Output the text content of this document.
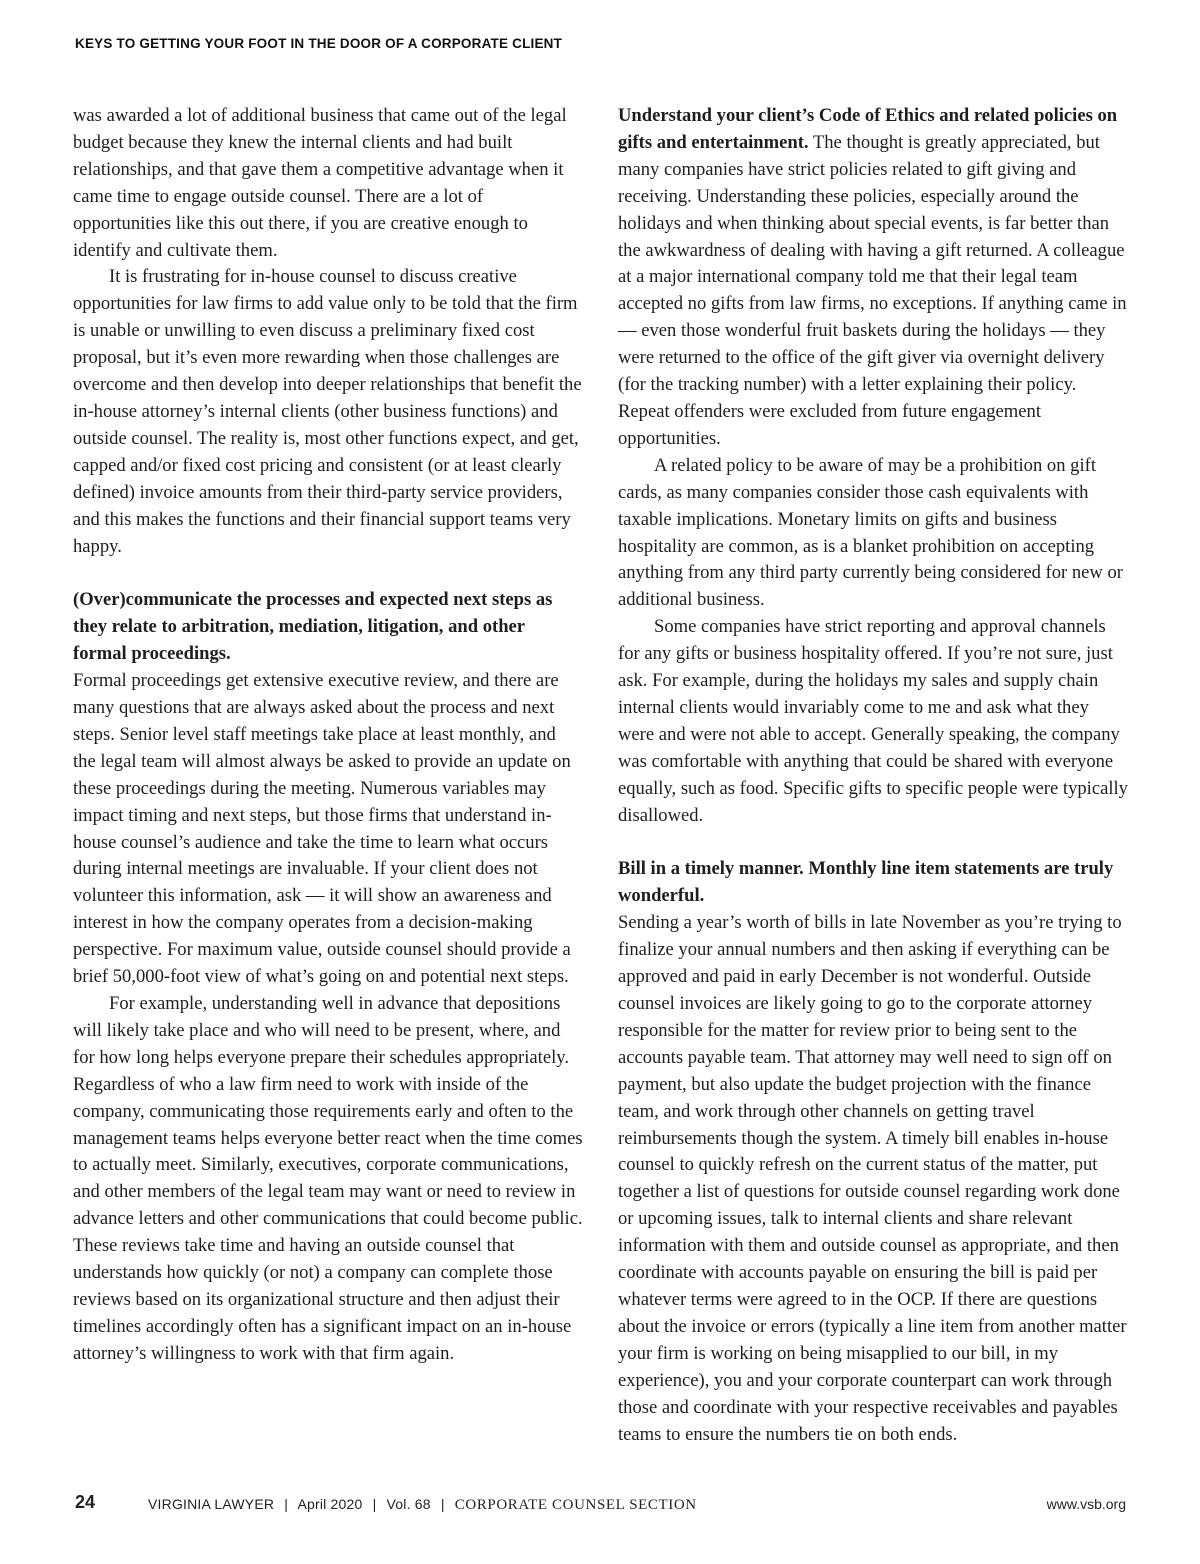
KEYS TO GETTING YOUR FOOT IN THE DOOR OF A CORPORATE CLIENT

was awarded a lot of additional business that came out of the legal budget because they knew the internal clients and had built relationships, and that gave them a competitive advantage when it came time to engage outside counsel. There are a lot of opportunities like this out there, if you are creative enough to identify and cultivate them.

It is frustrating for in-house counsel to discuss creative opportunities for law firms to add value only to be told that the firm is unable or unwilling to even discuss a preliminary fixed cost proposal, but it’s even more rewarding when those challenges are overcome and then develop into deeper relationships that benefit the in-house attorney’s internal clients (other business functions) and outside counsel. The reality is, most other functions expect, and get, capped and/or fixed cost pricing and consistent (or at least clearly defined) invoice amounts from their third-party service providers, and this makes the functions and their financial support teams very happy.

(Over)communicate the processes and expected next steps as they relate to arbitration, mediation, litigation, and other formal proceedings.

Formal proceedings get extensive executive review, and there are many questions that are always asked about the process and next steps. Senior level staff meetings take place at least monthly, and the legal team will almost always be asked to provide an update on these proceedings during the meeting. Numerous variables may impact timing and next steps, but those firms that understand in-house counsel’s audience and take the time to learn what occurs during internal meetings are invaluable. If your client does not volunteer this information, ask — it will show an awareness and interest in how the company operates from a decision-making perspective. For maximum value, outside counsel should provide a brief 50,000-foot view of what’s going on and potential next steps.

For example, understanding well in advance that depositions will likely take place and who will need to be present, where, and for how long helps everyone prepare their schedules appropriately. Regardless of who a law firm need to work with inside of the company, communicating those requirements early and often to the management teams helps everyone better react when the time comes to actually meet. Similarly, executives, corporate communications, and other members of the legal team may want or need to review in advance letters and other communications that could become public. These reviews take time and having an outside counsel that understands how quickly (or not) a company can complete those reviews based on its organizational structure and then adjust their timelines accordingly often has a significant impact on an in-house attorney’s willingness to work with that firm again.

Understand your client’s Code of Ethics and related policies on gifts and entertainment. The thought is greatly appreciated, but many companies have strict policies related to gift giving and receiving. Understanding these policies, especially around the holidays and when thinking about special events, is far better than the awkwardness of dealing with having a gift returned. A colleague at a major international company told me that their legal team accepted no gifts from law firms, no exceptions. If anything came in — even those wonderful fruit baskets during the holidays — they were returned to the office of the gift giver via overnight delivery (for the tracking number) with a letter explaining their policy. Repeat offenders were excluded from future engagement opportunities.

A related policy to be aware of may be a prohibition on gift cards, as many companies consider those cash equivalents with taxable implications. Monetary limits on gifts and business hospitality are common, as is a blanket prohibition on accepting anything from any third party currently being considered for new or additional business.

Some companies have strict reporting and approval channels for any gifts or business hospitality offered. If you’re not sure, just ask. For example, during the holidays my sales and supply chain internal clients would invariably come to me and ask what they were and were not able to accept. Generally speaking, the company was comfortable with anything that could be shared with everyone equally, such as food. Specific gifts to specific people were typically disallowed.

Bill in a timely manner. Monthly line item statements are truly wonderful.

Sending a year’s worth of bills in late November as you’re trying to finalize your annual numbers and then asking if everything can be approved and paid in early December is not wonderful. Outside counsel invoices are likely going to go to the corporate attorney responsible for the matter for review prior to being sent to the accounts payable team. That attorney may well need to sign off on payment, but also update the budget projection with the finance team, and work through other channels on getting travel reimbursements though the system. A timely bill enables in-house counsel to quickly refresh on the current status of the matter, put together a list of questions for outside counsel regarding work done or upcoming issues, talk to internal clients and share relevant information with them and outside counsel as appropriate, and then coordinate with accounts payable on ensuring the bill is paid per whatever terms were agreed to in the OCP. If there are questions about the invoice or errors (typically a line item from another matter your firm is working on being misapplied to our bill, in my experience), you and your corporate counterpart can work through those and coordinate with your respective receivables and payables teams to ensure the numbers tie on both ends.

24	VIRGINIA LAWYER | April 2020 | Vol. 68 | CORPORATE COUNSEL SECTION	www.vsb.org
